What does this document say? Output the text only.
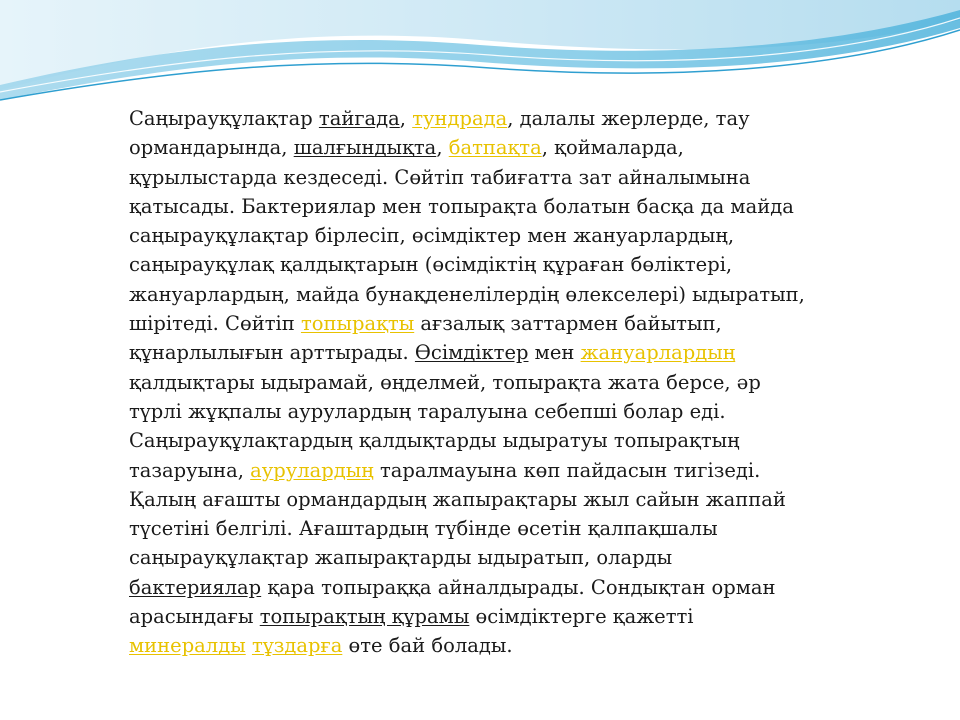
Саңырауқұлақтар тайгада, тундрада, далалы жерлерде, тау ормандарында, шалғындықта, батпақта, қоймаларда, құрылыстарда кездеседі. Сөйтіп табиғатта зат айналымына қатысады. Бактериялар мен топырақта болатын басқа да майда саңырауқұлақтар бірлесіп, өсімдіктер мен жануарлардың, саңырауқұлақ қалдықтарын (өсімдіктің құраған бөліктері, жануарлардың, майда бунақденелілердің өлекселері) ыдыратып, шірітеді. Сөйтіп топырақты ағзалық заттармен байытып, құнарлылығын арттырады. Өсімдіктер мен жануарлардың қалдықтары ыдырамай, өңделмей, топырақта жата берсе, әр түрлі жұқпалы аурулардың таралуына себепші болар еді. Саңырауқұлақтардың қалдықтарды ыдыратуы топырақтың тазаруына, аурулардың таралмауына көп пайдасын тигізеді. Қалың ағашты ормандардың жапырақтары жыл сайын жаппай түсетіні белгілі. Ағаштардың түбінде өсетін қалпақшалы саңырауқұлақтар жапырақтарды ыдыратып, оларды бактериялар қара топыраққа айналдырады. Сондықтан орман арасындағы топырақтың құрамы өсімдіктерге қажетті минералды тұздарға өте бай болады.
